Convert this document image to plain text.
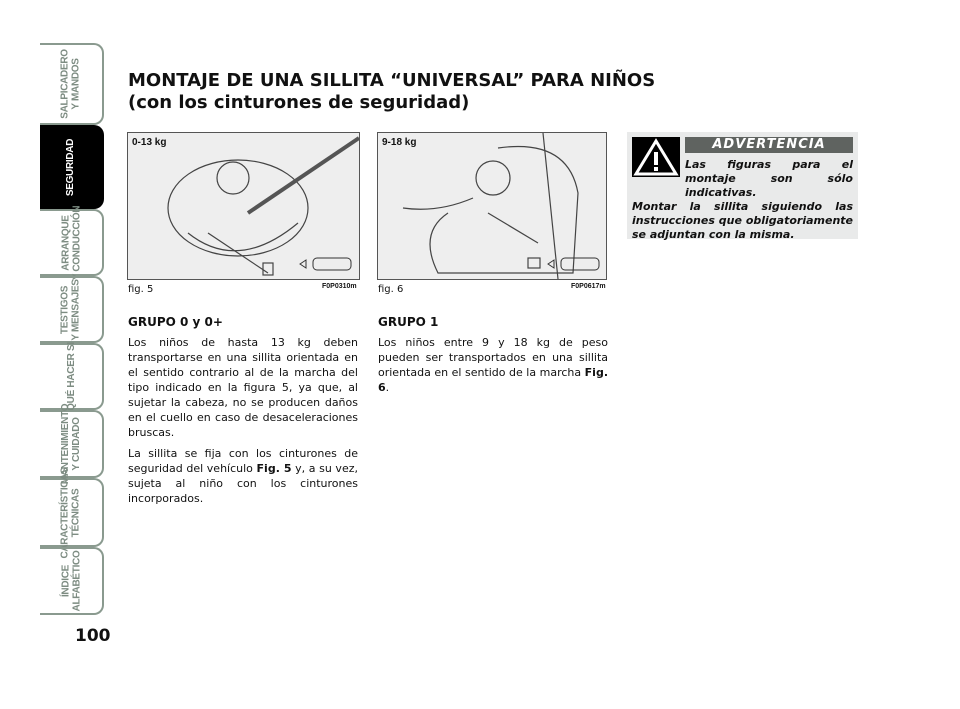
SALPICADERO
Y MANDOS
SEGURIDAD
ARRANQUE
Y CONDUCCIÓN
TESTIGOS
Y MENSAJES
QUÉ HACER SI
MANTENIMIENTO
Y CUIDADO
CARACTERÍSTICAS
TÉCNICAS
ÍNDICE
ALFABÉTICO
100
MONTAJE DE UNA SILLITA “UNIVERSAL” PARA NIÑOS
(con los cinturones de seguridad)
0-13 kg
fig. 5	F0P0310m
9-18 kg
fig. 6	F0P0617m
GRUPO 0 y 0+

Los niños de hasta 13 kg deben transportarse en una sillita orientada en el sentido contrario al de la marcha del tipo indicado en la figura 5, ya que, al sujetar la cabeza, no se producen daños en el cuello en caso de desaceleraciones bruscas.

La sillita se fija con los cinturones de seguridad del vehículo Fig. 5 y, a su vez, sujeta al niño con los cinturones incorporados.

GRUPO 1

Los niños entre 9 y 18 kg de peso pueden ser transportados en una sillita orientada en el sentido de la marcha Fig. 6.

ADVERTENCIA
Las figuras para el montaje son sólo indicativas.
Montar la sillita siguiendo las instrucciones que obligatoriamente se adjuntan con la misma.
